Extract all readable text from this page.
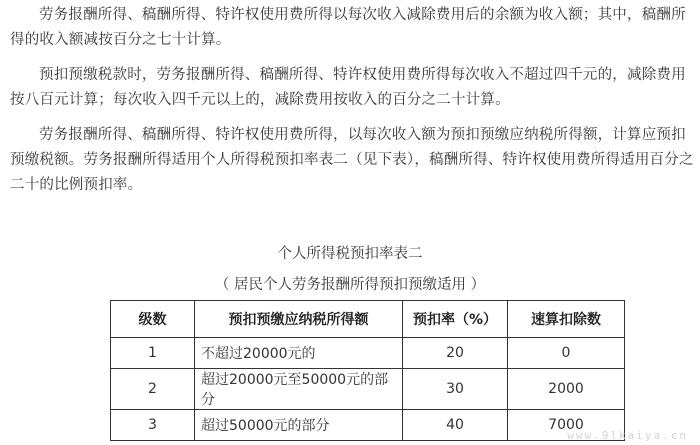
劳务报酬所得、稿酬所得、特许权使用费所得以每次收入减除费用后的余额为收入额；其中，稿酬所得的收入额减按百分之七十计算。

预扣预缴税款时，劳务报酬所得、稿酬所得、特许权使用费所得每次收入不超过四千元的，减除费用按八百元计算；每次收入四千元以上的，减除费用按收入的百分之二十计算。

劳务报酬所得、稿酬所得、特许权使用费所得，以每次收入额为预扣预缴应纳税所得额，计算应预扣预缴税额。劳务报酬所得适用个人所得税预扣率表二（见下表），稿酬所得、特许权使用费所得适用百分之二十的比例预扣率。

个人所得税预扣率表二
（ 居民个人劳务报酬所得预扣预缴适用 ）
级数	预扣预缴应纳税所得额	预扣率（%）	速算扣除数
1	不超过20000元的	20	0
2	超过20000元至50000元的部分	30	2000
3	超过50000元的部分	40	7000
www.9lkaiya.cn
